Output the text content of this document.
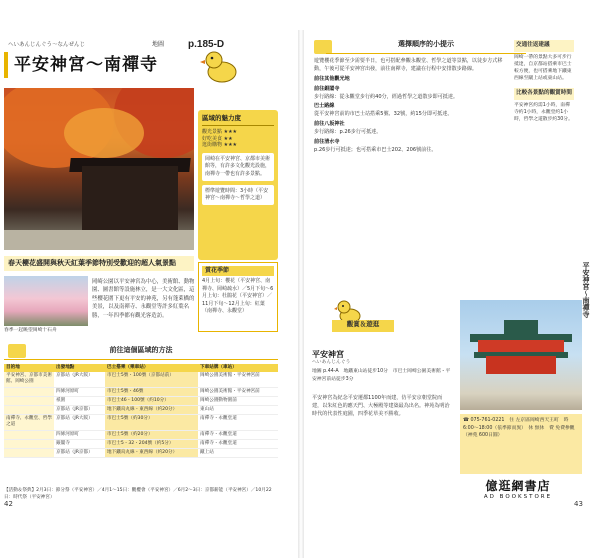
へいあんじんぐう〜なんぜんじ	地圖 p.185-D
平安神宮〜南禪寺
區域的魅力度
觀光景點 ★★★
好吃美食 ★★
逛街購物 ★★★
岡崎在平安神宮、京都市美術館等，有許多文化觀光設施，南禪寺一帶也有許多景點。
標準遊覽時間：3小時（平安神宮〜南禪寺〜哲學之道）
春天櫻花盛開與秋天紅葉季節特別受歡迎的超人氣景點
春季一起眺望岡崎十石舟
岡崎公園以平安神宮為中心，美術館、動物園、圖書館等設施林立，是一大文化區，這些櫻花圍下更有平安的神苑，另有蓬萊橋的美景，以及南禪寺、永觀堂等許多紅葉名勝，一年四季都有觀光客造訪。
賞花季節
4月上旬：櫻花（平安神宮、南禪寺、岡崎疏水）／5月下旬〜6月上旬：杜鵑花（平安神宮）／11月下旬〜12月上旬：紅葉（南禪寺、永觀堂）
前往這個區域的方法
目的地	出發地點	巴士搭乘（乘車站）	下車站牌（車站）
平安神宮、京都市美術館、岡崎公園	京都站（JR大阪）	市巴士5號・100號（京都站前）	岡崎公園美術館・平安神宮前
	四條河原町	市巴士5號・46號	岡崎公園美術館・平安神宮前
	祇園	市巴士46・100號（約10分）	岡崎公園動物園前
	京都站（JR京都）	地下鐵烏丸線・東西線（約20分）	東山站
南禪寺、永觀堂、哲學之道	京都站（JR大阪）	市巴士5號（約30分）	南禪寺・永觀堂道
	四條河原町	市巴士5號（約20分）	南禪寺・永觀堂道
	銀閣寺	市巴士5・32・204號（約5分）	南禪寺・永觀堂道
	京都站（JR京都）	地下鐵烏丸線・東西線（約20分）	蹴上站
【活動＆祭典】2月3日：節分祭（平安神宮）／4月1〜15日：觀櫻會（平安神宮）／6月2〜3日：京都薪能（平安神宮）／10月22日：時代祭（平安神宮）
42
選擇順序的小提示
遊覽櫻花季節至少需要半日，也可搭配參觀永觀堂、哲學之道等景點，以徒步方式移動，午後可從平安神宮出發，前往南禪寺，建議在行程中安排散步路線。
前往其他觀光地
前往銀閣寺
步行路線：從永觀堂步行約40分，經過哲學之道散步即可抵達。
巴士路線
從平安神宮前的市巴士站搭乘5號、32號，約15分即可抵達。
前往八坂神社
步行路線：p.26步行可抵達。
前往清水寺
p.26步行可抵達；也可搭乘市巴士202、206號前往。
交通往返建議
岡崎一帶的景點大多可步行抵達，自京都站搭乘市巴士較方便，也可搭乘地下鐵東西線至蹴上站或東山站。
比較各景點的觀賞時間
平安神宮約需1小時，南禪寺約1小時，永觀堂約1小時，哲學之道散步約30分。
平安神宮〜南禪寺
觀賞＆遊逛
平安神宮
へいあんじんぐう
地圖 p.44-A　地鐵東山站徒步10分　市巴士岡崎公園美術館・平安神宮前站徒步3分
平安神宮為紀念平安遷都1100年而建，仿平安京朝堂院而建，以朱紅色的應天門、大極殿等建築最為出名。神苑為明治時代的代表性庭園，四季花草美不勝收。
☎ 075-761-0221　住 左京區岡崎西天王町　時 6:00〜18:00（依季節而異）　休 無休　費 免費參觀（神苑 600日圓）
億逛網書店
AD BOOKSTORE
43
